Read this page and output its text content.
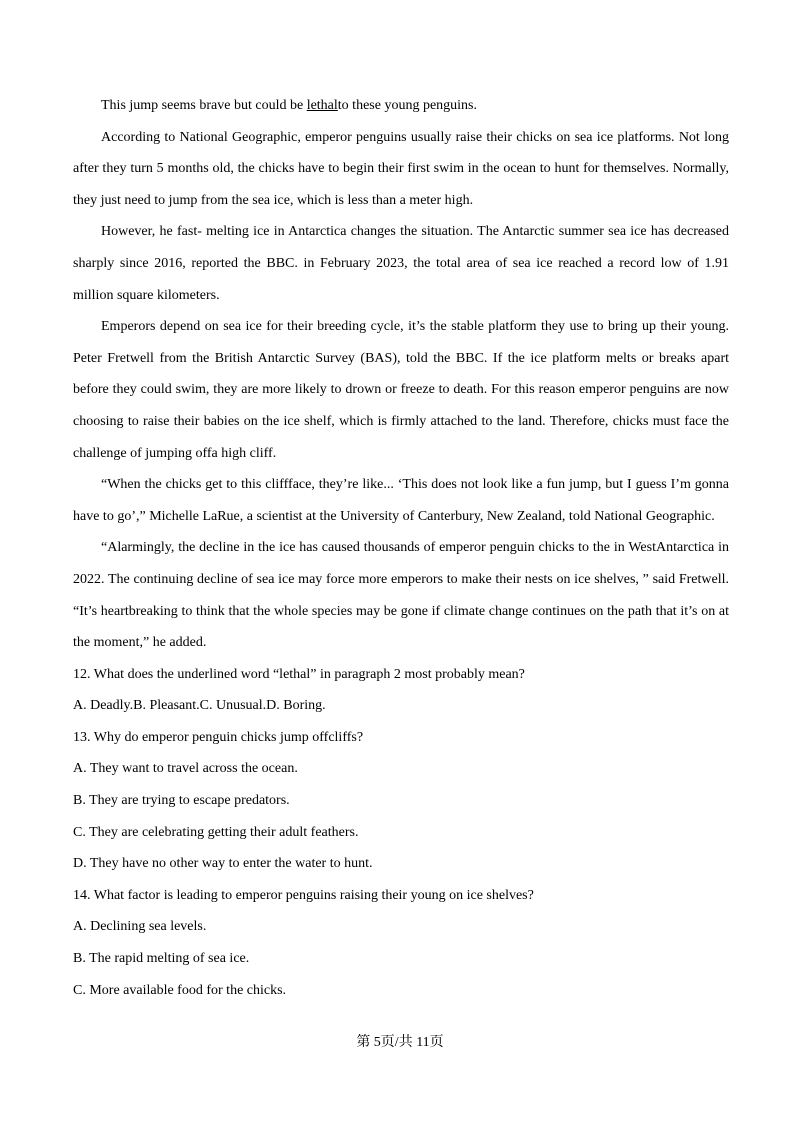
This jump seems brave but could be lethalto these young penguins.

According to National Geographic, emperor penguins usually raise their chicks on sea ice platforms. Not long after they turn 5 months old, the chicks have to begin their first swim in the ocean to hunt for themselves. Normally, they just need to jump from the sea ice, which is less than a meter high.

However, he fast- melting ice in Antarctica changes the situation. The Antarctic summer sea ice has decreased sharply since 2016, reported the BBC. in February 2023, the total area of sea ice reached a record low of 1.91 million square kilometers.

Emperors depend on sea ice for their breeding cycle, it’s the stable platform they use to bring up their young. Peter Fretwell from the British Antarctic Survey (BAS), told the BBC. If the ice platform melts or breaks apart before they could swim, they are more likely to drown or freeze to death. For this reason emperor penguins are now choosing to raise their babies on the ice shelf, which is firmly attached to the land. Therefore, chicks must face the challenge of jumping offa high cliff.

“When the chicks get to this cliffface, they’re like... ‘This does not look like a fun jump, but I guess I’m gonna have to go’,” Michelle LaRue, a scientist at the University of Canterbury, New Zealand, told National Geographic.

“Alarmingly, the decline in the ice has caused thousands of emperor penguin chicks to the in WestAntarctica in 2022. The continuing decline of sea ice may force more emperors to make their nests on ice shelves, ” said Fretwell. “It’s heartbreaking to think that the whole species may be gone if climate change continues on the path that it’s on at the moment,” he added.

12. What does the underlined word “lethal” in paragraph 2 most probably mean?

A. Deadly.B. Pleasant.C. Unusual.D. Boring.

13. Why do emperor penguin chicks jump offcliffs?

A. They want to travel across the ocean.

B. They are trying to escape predators.

C. They are celebrating getting their adult feathers.

D. They have no other way to enter the water to hunt.

14. What factor is leading to emperor penguins raising their young on ice shelves?

A. Declining sea levels.

B. The rapid melting of sea ice.

C. More available food for the chicks.

第 5页/共 11页
